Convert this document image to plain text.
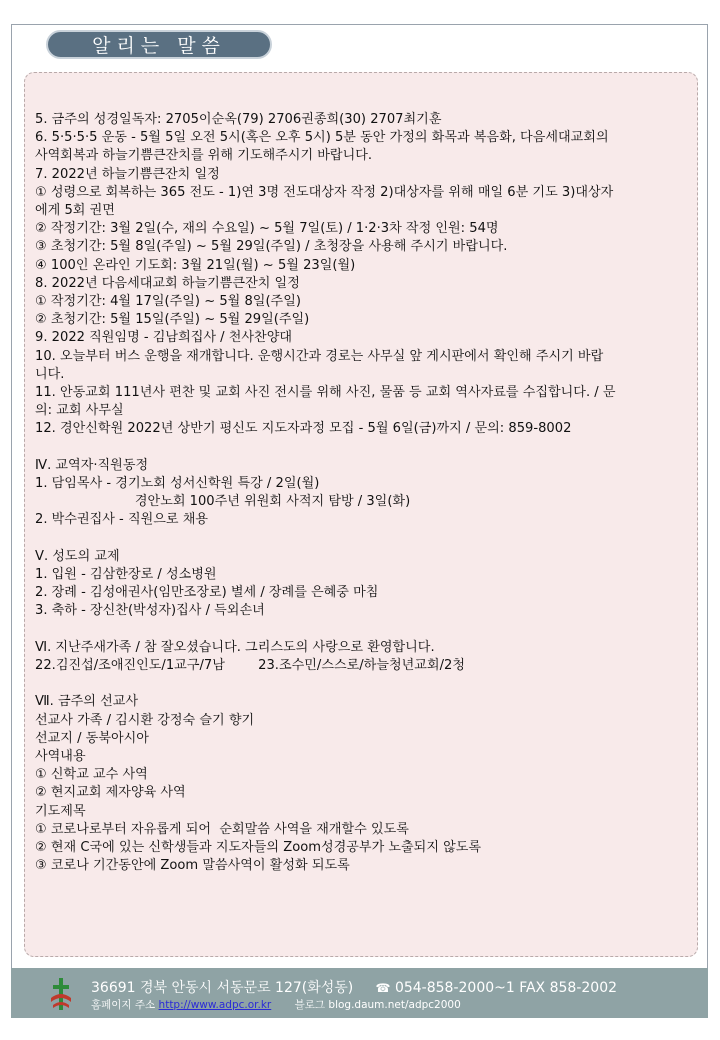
알리는 말씀
5. 금주의 성경일독자: 2705이순옥(79) 2706권종희(30) 2707최기훈
6. 5·5·5·5 운동 - 5월 5일 오전 5시(혹은 오후 5시) 5분 동안 가정의 화목과 복음화, 다음세대교회의
사역회복과 하늘기쁨큰잔치를 위해 기도해주시기 바랍니다.
7. 2022년 하늘기쁨큰잔치 일정
① 성령으로 회복하는 365 전도 - 1)연 3명 전도대상자 작정 2)대상자를 위해 매일 6분 기도 3)대상자
에게 5회 권면
② 작정기간: 3월 2일(수, 재의 수요일) ~ 5월 7일(토) / 1·2·3차 작정 인원: 54명
③ 초청기간: 5월 8일(주일) ~ 5월 29일(주일) / 초청장을 사용해 주시기 바랍니다.
④ 100인 온라인 기도회: 3월 21일(월) ~ 5월 23일(월)
8. 2022년 다음세대교회 하늘기쁨큰잔치 일정
① 작정기간: 4월 17일(주일) ~ 5월 8일(주일)
② 초청기간: 5월 15일(주일) ~ 5월 29일(주일)
9. 2022 직원임명 - 김남희집사 / 천사찬양대
10. 오늘부터 버스 운행을 재개합니다. 운행시간과 경로는 사무실 앞 게시판에서 확인해 주시기 바랍
니다.
11. 안동교회 111년사 편찬 및 교회 사진 전시를 위해 사진, 물품 등 교회 역사자료를 수집합니다. / 문
의: 교회 사무실
12. 경안신학원 2022년 상반기 평신도 지도자과정 모집 - 5월 6일(금)까지 / 문의: 859-8002
Ⅳ. 교역자·직원동정
1. 담임목사 - 경기노회 성서신학원 특강 / 2일(월)
경안노회 100주년 위원회 사적지 탐방 / 3일(화)
2. 박수권집사 - 직원으로 채용
Ⅴ. 성도의 교제
1. 입원 - 김삼한장로 / 성소병원
2. 장례 - 김성애권사(임만조장로) 별세 / 장례를 은혜중 마침
3. 축하 - 장신찬(박성자)집사 / 득외손녀
Ⅵ. 지난주새가족 / 참 잘오셨습니다. 그리스도의 사랑으로 환영합니다.
22.김진섭/조애진인도/1교구/7남        23.조수민/스스로/하늘청년교회/2청
Ⅶ. 금주의 선교사
선교사 가족 / 김시환 강정숙 슬기 향기
선교지 / 동북아시아
사역내용
① 신학교 교수 사역
② 현지교회 제자양육 사역
기도제목
① 코로나로부터 자유롭게 되어  순회말씀 사역을 재개할수 있도록
② 현재 C국에 있는 신학생들과 지도자들의 Zoom성경공부가 노출되지 않도록
③ 코로나 기간동안에 Zoom 말씀사역이 활성화 되도록
36691 경북 안동시 서동문로 127(화성동) ☎ 054-858-2000~1 FAX 858-2002
홈페이지 주소 http://www.adpc.or.kr 블로그 blog.daum.net/adpc2000
